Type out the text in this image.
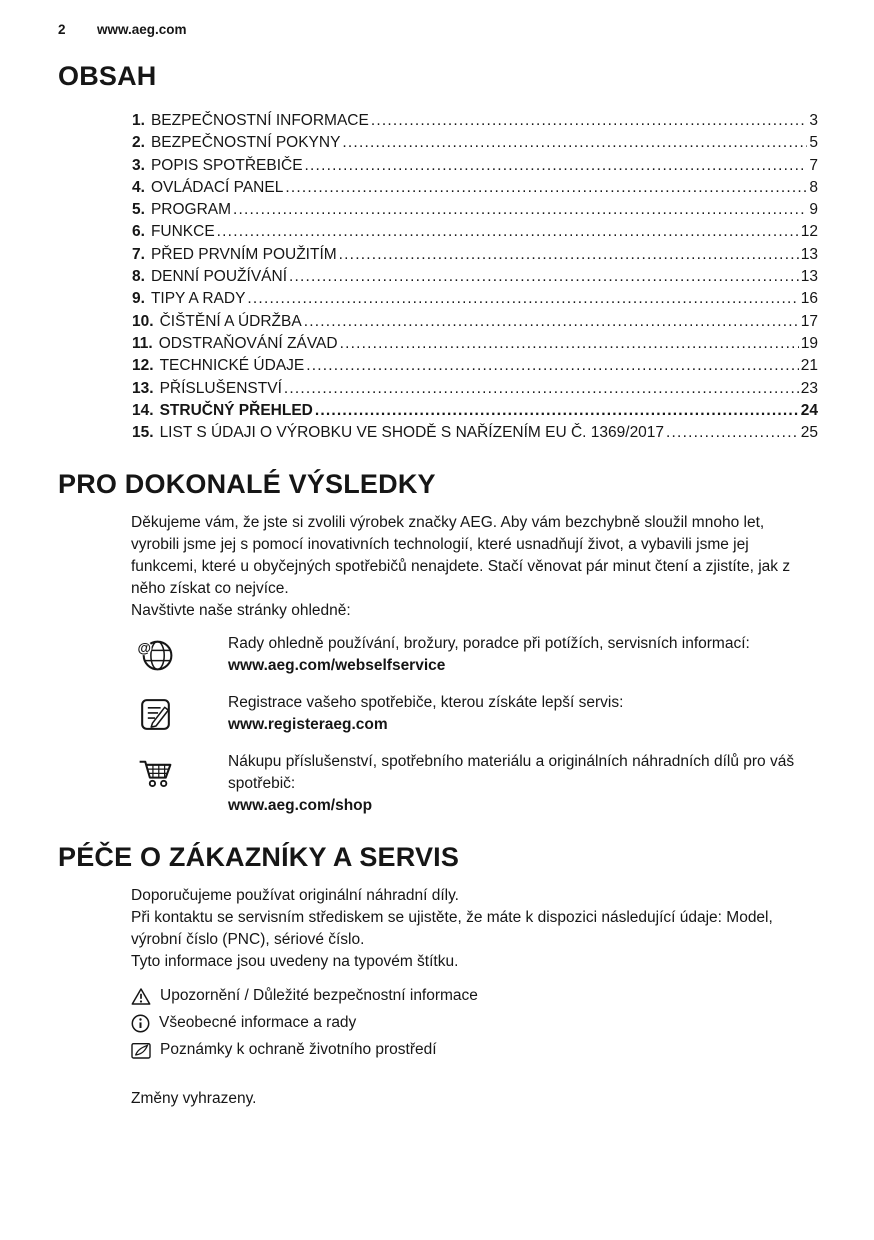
2	www.aeg.com
OBSAH
1. BEZPEČNOSTNÍ INFORMACE .....	3
2. BEZPEČNOSTNÍ POKYNY .....	5
3. POPIS SPOTŘEBIČE .....	7
4. OVLÁDACÍ PANEL .....	8
5. PROGRAM .....	9
6. FUNKCE .....	12
7. PŘED PRVNÍM POUŽITÍM .....	13
8. DENNÍ POUŽÍVÁNÍ .....	13
9. TIPY A RADY .....	16
10. ČIŠTĚNÍ A ÚDRŽBA .....	17
11. ODSTRAŇOVÁNÍ ZÁVAD .....	19
12. TECHNICKÉ ÚDAJE .....	21
13. PŘÍSLUŠENSTVÍ .....	23
14. STRUČNÝ PŘEHLED .....	24
15. LIST S ÚDAJI O VÝROBKU VE SHODĚ S NAŘÍZENÍM EU Č. 1369/2017 .....	25
PRO DOKONALÉ VÝSLEDKY

Děkujeme vám, že jste si zvolili výrobek značky AEG. Aby vám bezchybně sloužil mnoho let, vyrobili jsme jej s pomocí inovativních technologií, které usnadňují život, a vybavili jsme jej funkcemi, které u obyčejných spotřebičů nenajdete. Stačí věnovat pár minut čtení a zjistíte, jak z něho získat co nejvíce.

Navštivte naše stránky ohledně:

@	Rady ohledně používání, brožury, poradce při potížích, servisních informací:
www.aeg.com/webselfservice
Registrace vašeho spotřebiče, kterou získáte lepší servis:
www.registeraeg.com
Nákupu příslušenství, spotřebního materiálu a originálních náhradních dílů pro váš spotřebič:
www.aeg.com/shop
PÉČE O ZÁKAZNÍKY A SERVIS

Doporučujeme používat originální náhradní díly.

Při kontaktu se servisním střediskem se ujistěte, že máte k dispozici následující údaje: Model, výrobní číslo (PNC), sériové číslo.

Tyto informace jsou uvedeny na typovém štítku.

Upozornění / Důležité bezpečnostní informace
Všeobecné informace a rady
Poznámky k ochraně životního prostředí

Změny vyhrazeny.
